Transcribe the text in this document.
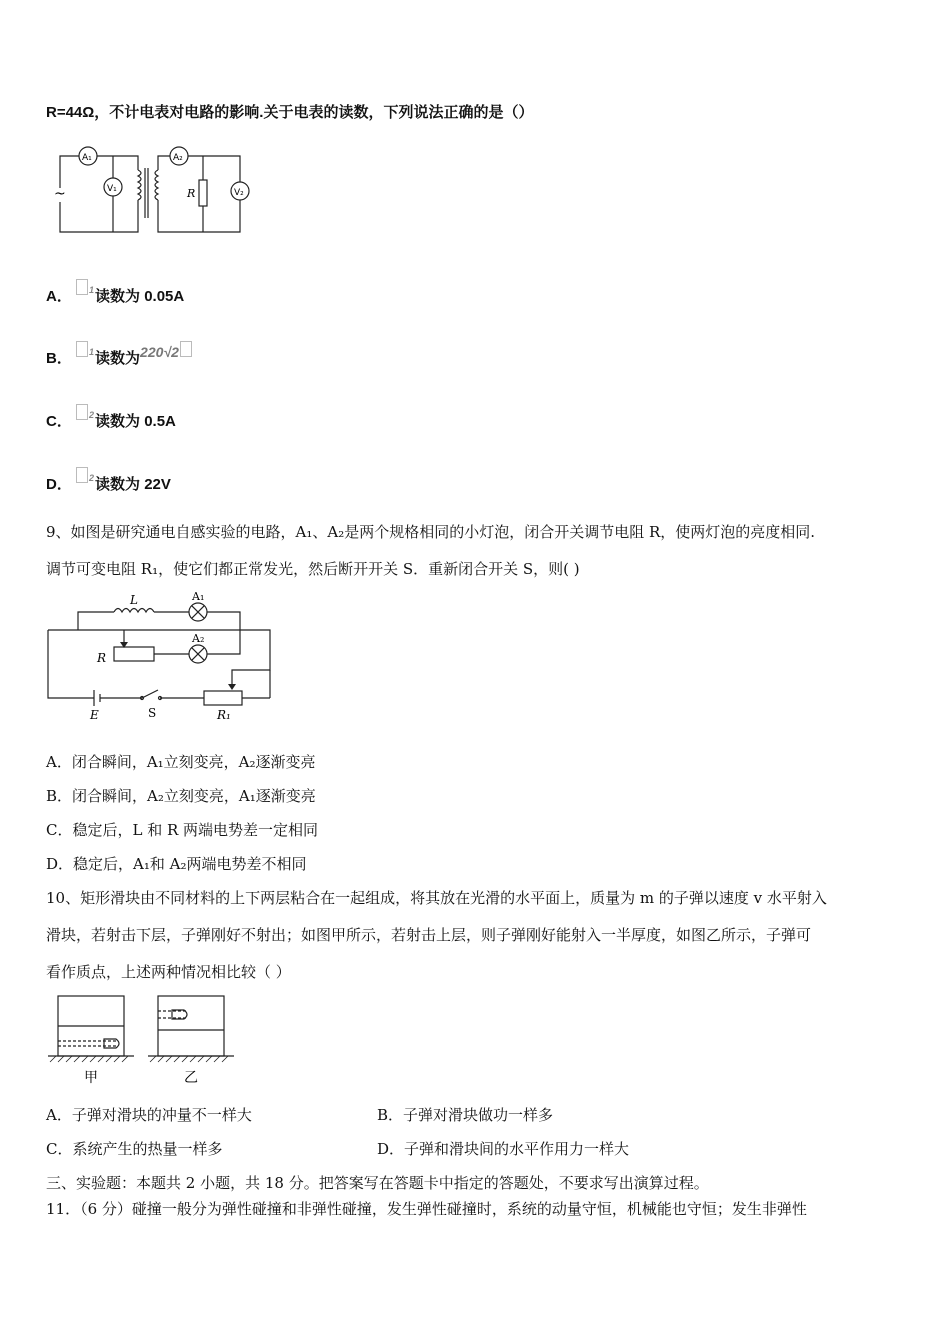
R=44Ω，不计电表对电路的影响.关于电表的读数，下列说法正确的是（）
~
A₁
V₁
A₂
V₂
R
A． $^1$读数为 0.05A
B． $^1$读数为220√2
C． $^2$读数为 0.5A
D． $^2$读数为 22V
9、如图是研究通电自感实验的电路，A₁、A₂是两个规格相同的小灯泡，闭合开关调节电阻 R，使两灯泡的亮度相同.
调节可变电阻 R₁，使它们都正常发光，然后断开开关 S．重新闭合开关 S，则( )
L	A₁
A₂
R
E	S	R₁
A．闭合瞬间，A₁立刻变亮，A₂逐渐变亮
B．闭合瞬间，A₂立刻变亮，A₁逐渐变亮
C．稳定后，L 和 R 两端电势差一定相同
D．稳定后，A₁和 A₂两端电势差不相同
10、矩形滑块由不同材料的上下两层粘合在一起组成，将其放在光滑的水平面上，质量为 m 的子弹以速度 v 水平射入
滑块，若射击下层，子弹刚好不射出；如图甲所示，若射击上层，则子弹刚好能射入一半厚度，如图乙所示，子弹可
看作质点，上述两种情况相比较（ ）
甲	乙
A．子弹对滑块的冲量不一样大	B．子弹对滑块做功一样多
C．系统产生的热量一样多	D．子弹和滑块间的水平作用力一样大
三、实验题：本题共 2 小题，共 18 分。把答案写在答题卡中指定的答题处，不要求写出演算过程。
11．（6 分）碰撞一般分为弹性碰撞和非弹性碰撞，发生弹性碰撞时，系统的动量守恒，机械能也守恒；发生非弹性
